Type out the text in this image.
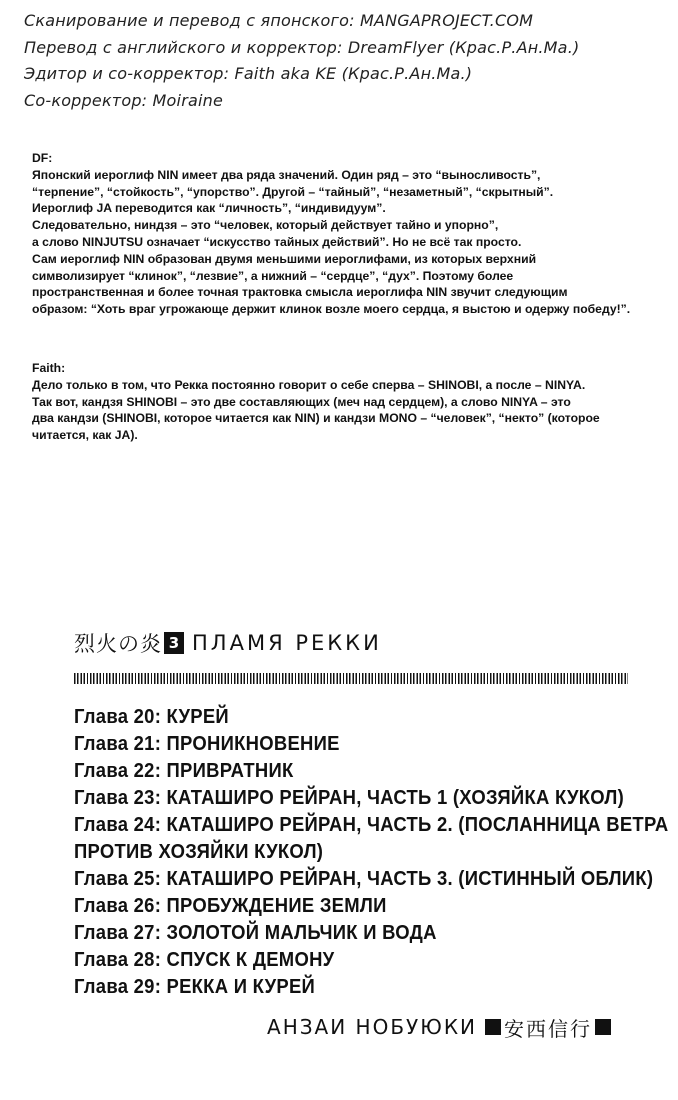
Сканирование и перевод с японского: MANGAPROJECT.COM
Перевод с английского и корректор: DreamFlyer (Крас.Р.Ан.Ма.)
Эдитор и со-корректор: Faith aka KE (Крас.Р.Ан.Ма.)
Со-корректор: Moiraine
DF:
Японский иероглиф NIN имеет два ряда значений. Один ряд – это “выносливость”,
“терпение”, “стойкость”, “упорство”. Другой – “тайный”, “незаметный”, “скрытный”.
Иероглиф JA переводится как “личность”, “индивидуум”.
Следовательно, ниндзя – это “человек, который действует тайно и упорно”,
а слово NINJUTSU означает “искусство тайных действий”. Но не всё так просто.
Сам иероглиф NIN образован двумя меньшими иероглифами, из которых верхний
символизирует “клинок”, “лезвие”, а нижний – “сердце”, “дух”. Поэтому более
пространственная и более точная трактовка смысла иероглифа NIN звучит следующим
образом: “Хоть враг угрожающе держит клинок возле моего сердца, я выстою и одержу победу!”.
Faith:
Дело только в том, что Рекка постоянно говорит о себе сперва – SHINOBI, а после – NINYA.
Так вот, кандзя SHINOBI – это две составляющих (меч над сердцем), а слово NINYA – это
два кандзи (SHINOBI, которое читается как NIN) и кандзи MONO – “человек”, “некто” (которое
читается, как JA).
烈火の炎 3 ПЛАМЯ РЕККИ
Глава 20: КУРЕЙ
Глава 21: ПРОНИКНОВЕНИЕ
Глава 22: ПРИВРАТНИК
Глава 23: КАТАШИРО РЕЙРАН, ЧАСТЬ 1 (ХОЗЯЙКА КУКОЛ)
Глава 24: КАТАШИРО РЕЙРАН, ЧАСТЬ 2. (ПОСЛАННИЦА ВЕТРА
ПРОТИВ ХОЗЯЙКИ КУКОЛ)
Глава 25: КАТАШИРО РЕЙРАН, ЧАСТЬ 3. (ИСТИННЫЙ ОБЛИК)
Глава 26: ПРОБУЖДЕНИЕ ЗЕМЛИ
Глава 27: ЗОЛОТОЙ МАЛЬЧИК И ВОДА
Глава 28: СПУСК К ДЕМОНУ
Глава 29: РЕККА И КУРЕЙ
АНЗАИ НОБУЮКИ 安西信行
